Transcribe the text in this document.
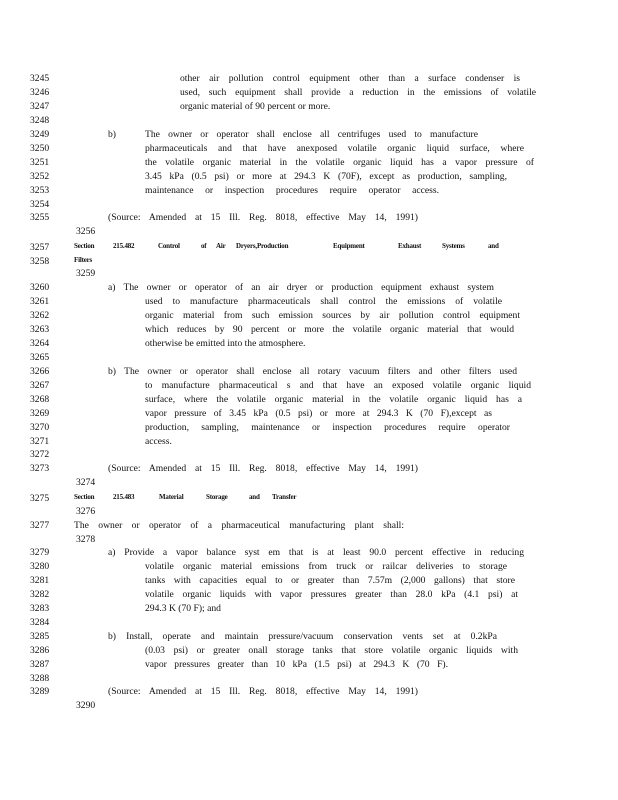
3245
3246
3247
3248
3249
3250
3251
3252
3253
3254
3255
3256
3257
3258
3259
3260
3261
3262
3263
3264
3265
3266
3267
3268
3269
3270
3271
3272
3273
3274
3275
3276
3277
3278
3279
3280
3281
3282
3283
3284
3285
3286
3287
3288
3289
3290
other air pollution control equipment other than a surface condenser is
used, such equipment shall provide a reduction in the emissions of volatile
organic material of 90 percent or more.
b)	The owner or operator shall enclose all centrifuges used to manufacture
pharmaceuticals and that have anexposed volatile organic liquid surface, where
the volatile organic material in the volatile organic liquid has a vapor pressure of
3.45 kPa (0.5 psi) or more at 294.3 K (70F), except as production, sampling,
maintenance or inspection procedures require operator access.
(Source: Amended at 15 Ill. Reg. 8018, effective May 14, 1991)
Section	215.482	Control	of Air Dryers,Production	Equipment	Exhaust	Systems	and
Filters
a) The owner or operator of an air dryer or production equipment exhaust system
used to manufacture pharmaceuticals shall control the emissions of volatile
organic material from such emission sources by air pollution control equipment
which reduces by 90 percent or more the volatile organic material that would
otherwise be emitted into the atmosphere.
b) The owner or operator shall enclose all rotary vacuum filters and other filters used
to manufacture pharmaceutical s and that have an exposed volatile organic liquid
surface, where the volatile organic material in the volatile organic liquid has a
vapor pressure of 3.45 kPa (0.5 psi) or more at 294.3 K (70 F),except as
production, sampling, maintenance or inspection procedures require operator
access.
(Source: Amended at 15 Ill. Reg. 8018, effective May 14, 1991)
Section	215.483	Material	Storage	and Transfer
The owner or operator of a pharmaceutical manufacturing plant shall:
a) Provide a vapor balance syst em that is at least 90.0 percent effective in reducing
volatile organic material emissions from truck or railcar deliveries to storage
tanks with capacities equal to or greater than 7.57m (2,000 gallons) that store
volatile organic liquids with vapor pressures greater than 28.0 kPa (4.1 psi) at
294.3 K (70 F); and
b) Install, operate and maintain pressure/vacuum conservation vents set at 0.2kPa
(0.03 psi) or greater onall storage tanks that store volatile organic liquids with
vapor pressures greater than 10 kPa (1.5 psi) at 294.3 K (70 F).
(Source: Amended at 15 Ill. Reg. 8018, effective May 14, 1991)
